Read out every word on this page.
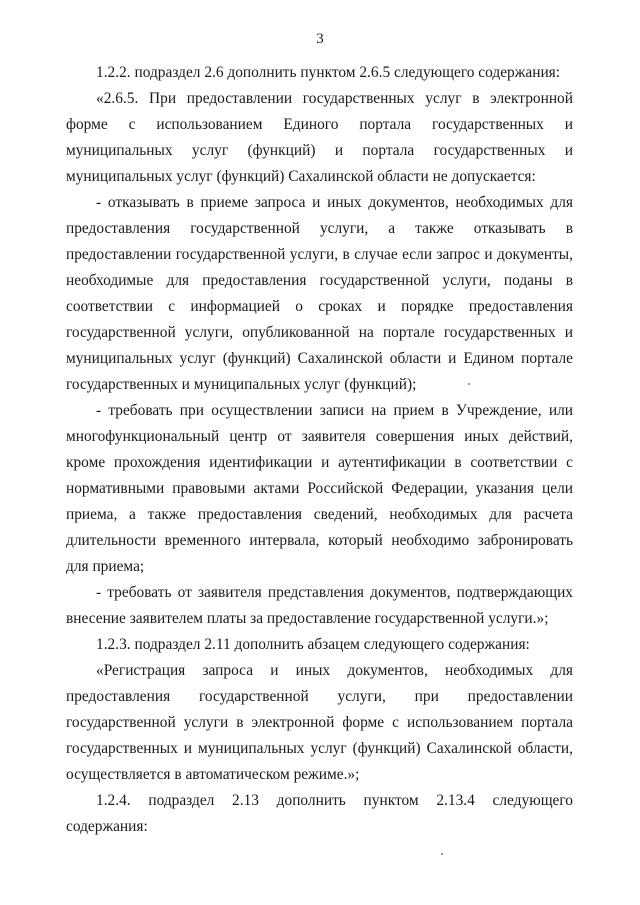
3

1.2.2. подраздел 2.6 дополнить пунктом 2.6.5 следующего содержания:

«2.6.5. При предоставлении государственных услуг в электронной форме с использованием Единого портала государственных и муниципальных услуг (функций) и портала государственных и муниципальных услуг (функций) Сахалинской области не допускается:

- отказывать в приеме запроса и иных документов, необходимых для предоставления государственной услуги, а также отказывать в предоставлении государственной услуги, в случае если запрос и документы, необходимые для предоставления государственной услуги, поданы в соответствии с информацией о сроках и порядке предоставления государственной услуги, опубликованной на портале государственных и муниципальных услуг (функций) Сахалинской области и Едином портале государственных и муниципальных услуг (функций);

- требовать при осуществлении записи на прием в Учреждение, или многофункциональный центр от заявителя совершения иных действий, кроме прохождения идентификации и аутентификации в соответствии с нормативными правовыми актами Российской Федерации, указания цели приема, а также предоставления сведений, необходимых для расчета длительности временного интервала, который необходимо забронировать для приема;

- требовать от заявителя представления документов, подтверждающих внесение заявителем платы за предоставление государственной услуги.»;

1.2.3. подраздел 2.11 дополнить абзацем следующего содержания:

«Регистрация запроса и иных документов, необходимых для предоставления государственной услуги, при предоставлении государственной услуги в электронной форме с использованием портала государственных и муниципальных услуг (функций) Сахалинской области, осуществляется в автоматическом режиме.»;

1.2.4. подраздел 2.13 дополнить пунктом 2.13.4 следующего содержания:
